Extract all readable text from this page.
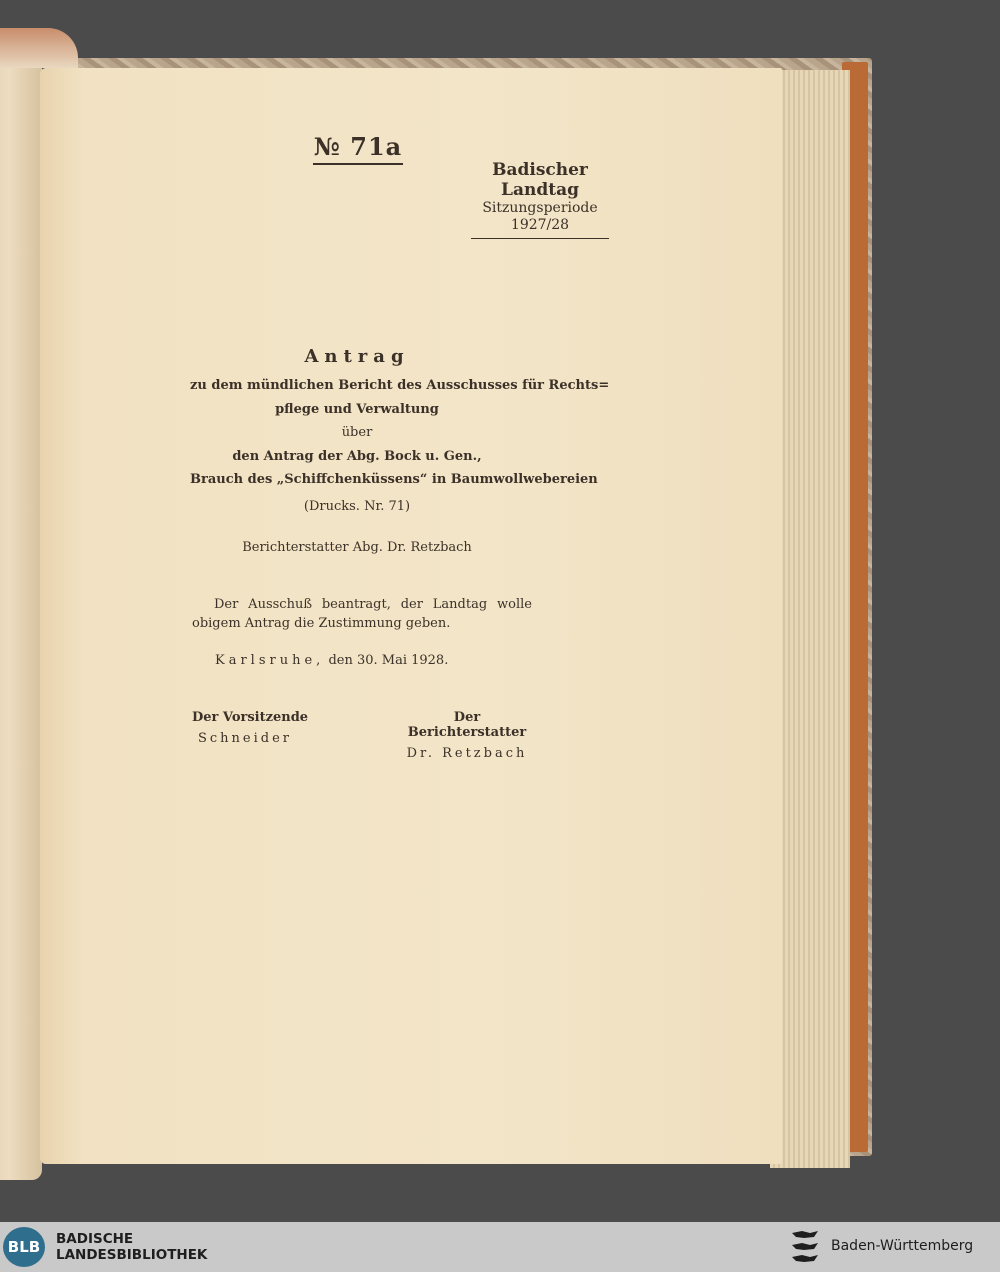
№ 71a
Badischer Landtag
Sitzungsperiode
1927/28
Antrag
zu dem mündlichen Bericht des Ausschusses für Rechts=
pflege und Verwaltung
über
den Antrag der Abg. Bock u. Gen.,
Brauch des „Schiffchenküssens“ in Baumwollwebereien
(Drucks. Nr. 71)
Berichterstatter Abg. Dr. Retzbach
Der Ausschuß beantragt, der Landtag wolle obigem Antrag die Zustimmung geben.
Karlsruhe, den 30. Mai 1928.
Der Vorsitzende
Schneider
Der Berichterstatter
Dr. Retzbach
BLB	BADISCHE
LANDESBIBLIOTHEK
Baden-Württemberg
